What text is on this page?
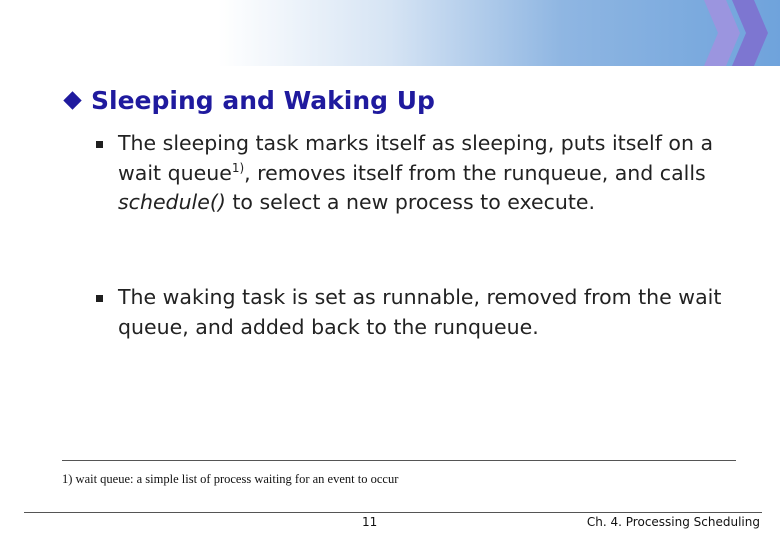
Sleeping and Waking Up
The sleeping task marks itself as sleeping, puts itself on a wait queue$^{1)}$, removes itself from the runqueue, and calls schedule() to select a new process to execute.
The waking task is set as runnable, removed from the wait queue, and added back to the runqueue.
1) wait queue: a simple list of process waiting for an event to occur
11	Ch. 4. Processing Scheduling
